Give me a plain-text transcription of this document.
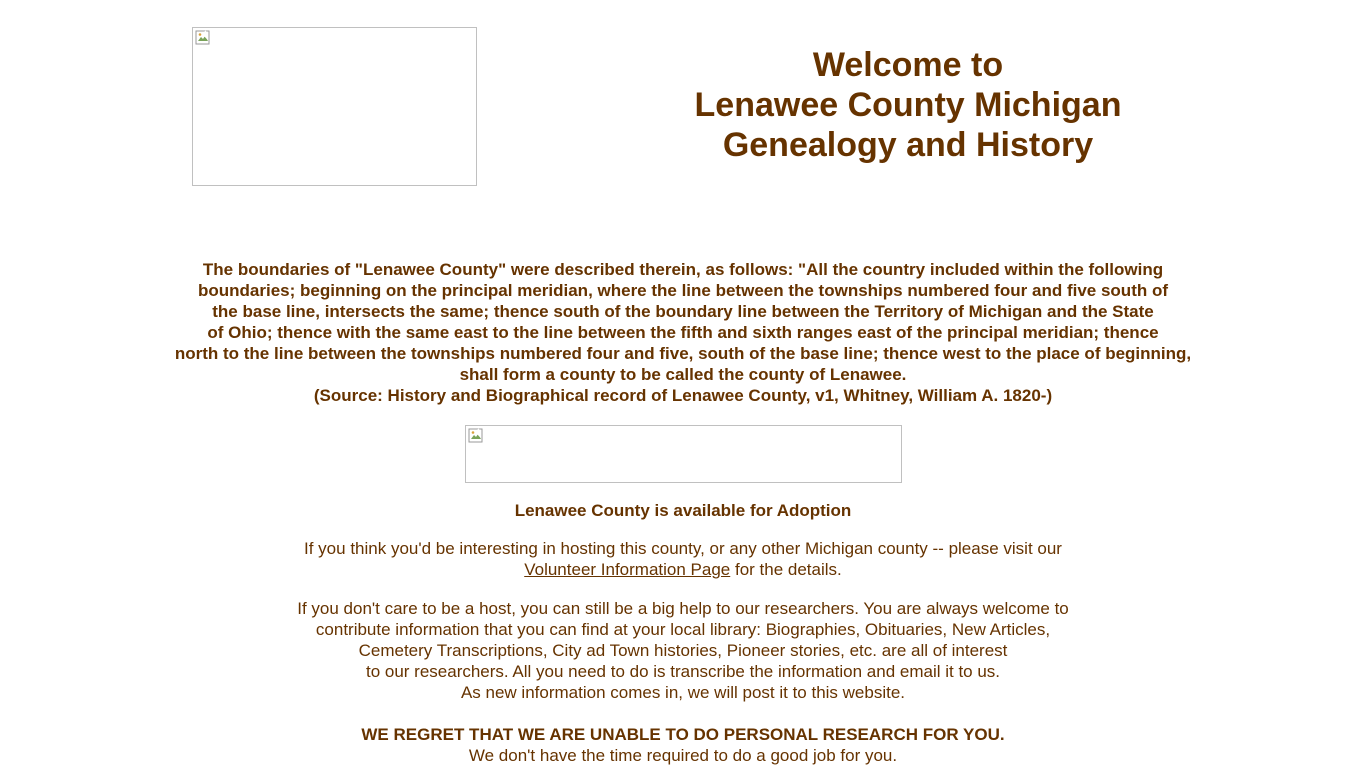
Welcome to
Lenawee County Michigan
Genealogy and History
The boundaries of "Lenawee County" were described therein, as follows: "All the country included within the following
boundaries; beginning on the principal meridian, where the line between the townships numbered four and five south of
the base line, intersects the same; thence south of the boundary line between the Territory of Michigan and the State
of Ohio; thence with the same east to the line between the fifth and sixth ranges east of the principal meridian; thence
north to the line between the townships numbered four and five, south of the base line; thence west to the place of beginning,
shall form a county to be called the county of Lenawee.
(Source: History and Biographical record of Lenawee County, v1, Whitney, William A. 1820-)
Lenawee County is available for Adoption
If you think you'd be interesting in hosting this county, or any other Michigan county -- please visit our
Volunteer Information Page for the details.
If you don't care to be a host, you can still be a big help to our researchers. You are always welcome to
contribute information that you can find at your local library: Biographies, Obituaries, New Articles,
Cemetery Transcriptions, City ad Town histories, Pioneer stories, etc. are all of interest
to our researchers. All you need to do is transcribe the information and email it to us.
As new information comes in, we will post it to this website.
WE REGRET THAT WE ARE UNABLE TO DO PERSONAL RESEARCH FOR YOU.
We don't have the time required to do a good job for you.
